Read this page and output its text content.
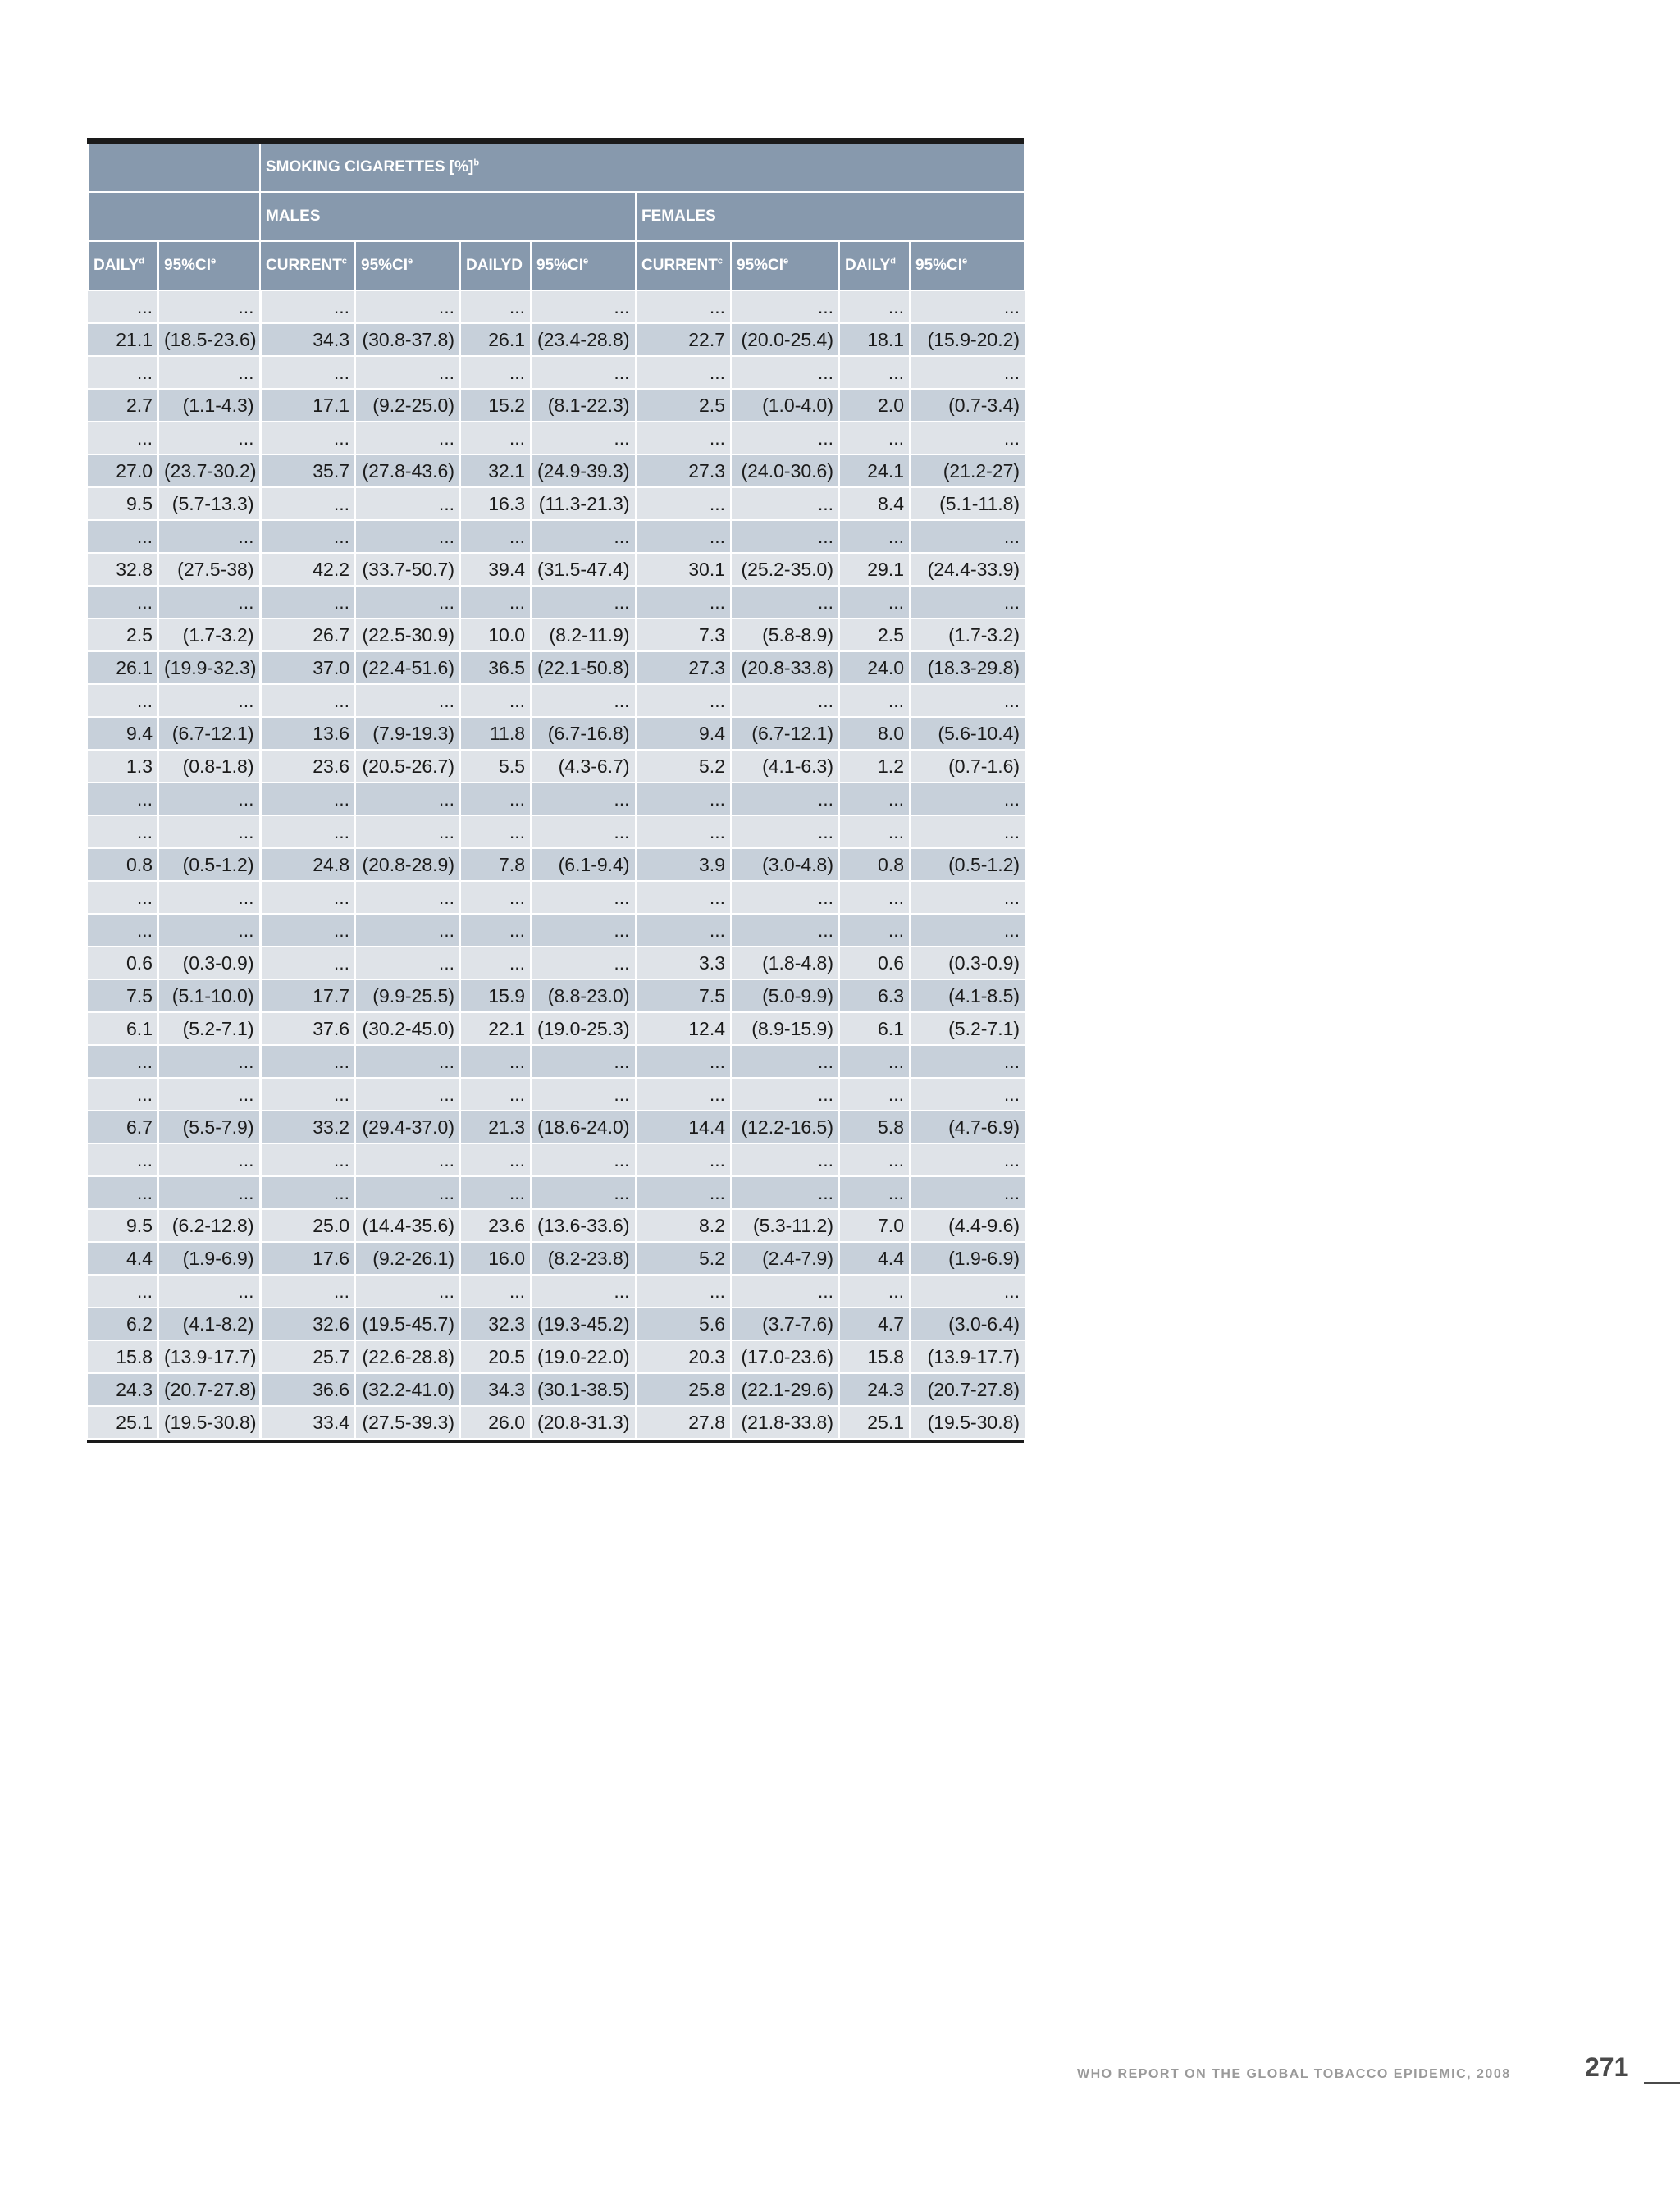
		SMOKING CIGARETTES [%]$^b$
		MALES				FEMALES			
DAILY$^d$	95%CIe	CURRENT$^c$	95%CIe	DAILYD	95%CIe	CURRENT$^c$	95%CIe	DAILY$^d$	95%CIe
...	...	...	...	...	...	...	...	...	...
21.1	(18.5-23.6)	34.3	(30.8-37.8)	26.1	(23.4-28.8)	22.7	(20.0-25.4)	18.1	(15.9-20.2)
...	...	...	...	...	...	...	...	...	...
2.7	(1.1-4.3)	17.1	(9.2-25.0)	15.2	(8.1-22.3)	2.5	(1.0-4.0)	2.0	(0.7-3.4)
...	...	...	...	...	...	...	...	...	...
27.0	(23.7-30.2)	35.7	(27.8-43.6)	32.1	(24.9-39.3)	27.3	(24.0-30.6)	24.1	(21.2-27)
9.5	(5.7-13.3)	...	...	16.3	(11.3-21.3)	...	...	8.4	(5.1-11.8)
...	...	...	...	...	...	...	...	...	...
32.8	(27.5-38)	42.2	(33.7-50.7)	39.4	(31.5-47.4)	30.1	(25.2-35.0)	29.1	(24.4-33.9)
...	...	...	...	...	...	...	...	...	...
2.5	(1.7-3.2)	26.7	(22.5-30.9)	10.0	(8.2-11.9)	7.3	(5.8-8.9)	2.5	(1.7-3.2)
26.1	(19.9-32.3)	37.0	(22.4-51.6)	36.5	(22.1-50.8)	27.3	(20.8-33.8)	24.0	(18.3-29.8)
...	...	...	...	...	...	...	...	...	...
9.4	(6.7-12.1)	13.6	(7.9-19.3)	11.8	(6.7-16.8)	9.4	(6.7-12.1)	8.0	(5.6-10.4)
1.3	(0.8-1.8)	23.6	(20.5-26.7)	5.5	(4.3-6.7)	5.2	(4.1-6.3)	1.2	(0.7-1.6)
...	...	...	...	...	...	...	...	...	...
...	...	...	...	...	...	...	...	...	...
0.8	(0.5-1.2)	24.8	(20.8-28.9)	7.8	(6.1-9.4)	3.9	(3.0-4.8)	0.8	(0.5-1.2)
...	...	...	...	...	...	...	...	...	...
...	...	...	...	...	...	...	...	...	...
0.6	(0.3-0.9)	...	...	...	...	3.3	(1.8-4.8)	0.6	(0.3-0.9)
7.5	(5.1-10.0)	17.7	(9.9-25.5)	15.9	(8.8-23.0)	7.5	(5.0-9.9)	6.3	(4.1-8.5)
6.1	(5.2-7.1)	37.6	(30.2-45.0)	22.1	(19.0-25.3)	12.4	(8.9-15.9)	6.1	(5.2-7.1)
...	...	...	...	...	...	...	...	...	...
...	...	...	...	...	...	...	...	...	...
6.7	(5.5-7.9)	33.2	(29.4-37.0)	21.3	(18.6-24.0)	14.4	(12.2-16.5)	5.8	(4.7-6.9)
...	...	...	...	...	...	...	...	...	...
...	...	...	...	...	...	...	...	...	...
9.5	(6.2-12.8)	25.0	(14.4-35.6)	23.6	(13.6-33.6)	8.2	(5.3-11.2)	7.0	(4.4-9.6)
4.4	(1.9-6.9)	17.6	(9.2-26.1)	16.0	(8.2-23.8)	5.2	(2.4-7.9)	4.4	(1.9-6.9)
...	...	...	...	...	...	...	...	...	...
6.2	(4.1-8.2)	32.6	(19.5-45.7)	32.3	(19.3-45.2)	5.6	(3.7-7.6)	4.7	(3.0-6.4)
15.8	(13.9-17.7)	25.7	(22.6-28.8)	20.5	(19.0-22.0)	20.3	(17.0-23.6)	15.8	(13.9-17.7)
24.3	(20.7-27.8)	36.6	(32.2-41.0)	34.3	(30.1-38.5)	25.8	(22.1-29.6)	24.3	(20.7-27.8)
25.1	(19.5-30.8)	33.4	(27.5-39.3)	26.0	(20.8-31.3)	27.8	(21.8-33.8)	25.1	(19.5-30.8)
WHO REPORT ON THE GLOBAL TOBACCO EPIDEMIC, 2008	271
